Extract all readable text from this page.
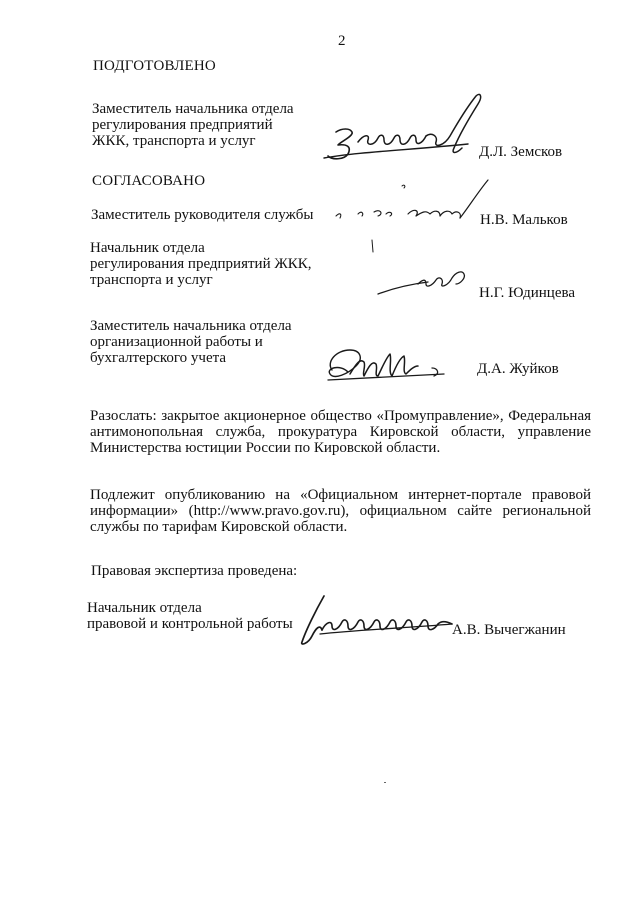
2
ПОДГОТОВЛЕНО
Заместитель начальника отдела
регулирования предприятий
ЖКК, транспорта и услуг
Д.Л. Земсков
СОГЛАСОВАНО
Заместитель руководителя службы	Н.В. Мальков
Начальник отдела
регулирования предприятий ЖКК,
транспорта и услуг
Н.Г. Юдинцева
Заместитель начальника отдела
организационной работы и
бухгалтерского учета
Д.А. Жуйков
Разослать: закрытое акционерное общество «Промуправление», Федеральная антимонопольная служба, прокуратура Кировской области, управление Министерства юстиции России по Кировской области.
Подлежит опубликованию на «Официальном интернет-портале правовой информации» (http://www.pravo.gov.ru), официальном сайте региональной службы по тарифам Кировской области.
Правовая экспертиза проведена:
Начальник отдела
правовой и контрольной работы	А.В. Вычегжанин
